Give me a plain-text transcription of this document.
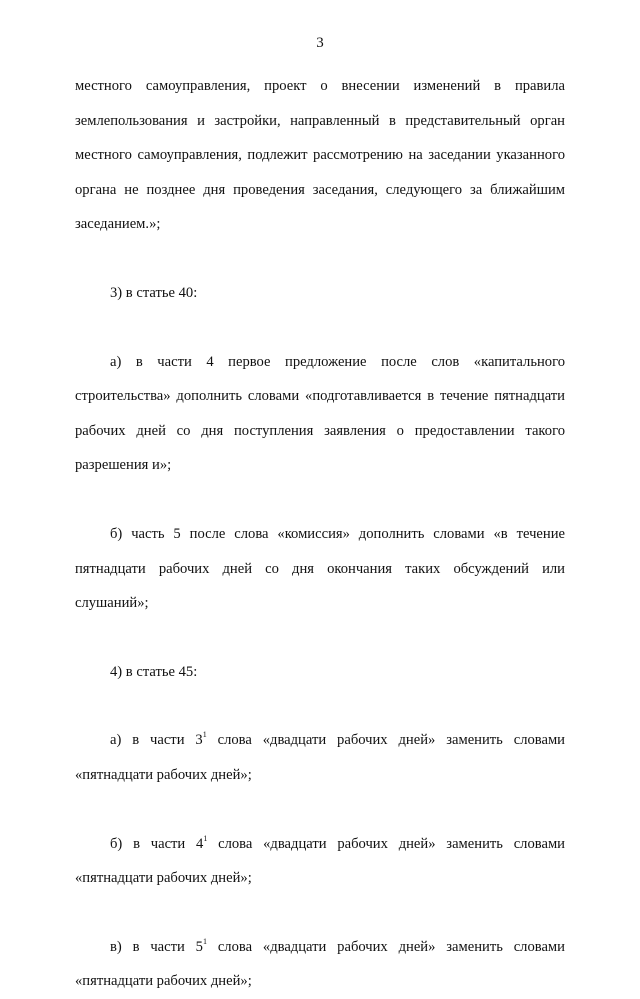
3

местного самоуправления, проект о внесении изменений в правила землепользования и застройки, направленный в представительный орган местного самоуправления, подлежит рассмотрению на заседании указанного органа не позднее дня проведения заседания, следующего за ближайшим заседанием.»;

3) в статье 40:

а) в части 4 первое предложение после слов «капитального строительства» дополнить словами «подготавливается в течение пятнадцати рабочих дней со дня поступления заявления о предоставлении такого разрешения и»;

б) часть 5 после слова «комиссия» дополнить словами «в течение пятнадцати рабочих дней со дня окончания таких обсуждений или слушаний»;

4) в статье 45:

а) в части $3^1$ слова «двадцати рабочих дней» заменить словами «пятнадцати рабочих дней»;

б) в части $4^1$ слова «двадцати рабочих дней» заменить словами «пятнадцати рабочих дней»;

в) в части $5^1$ слова «двадцати рабочих дней» заменить словами «пятнадцати рабочих дней»;
